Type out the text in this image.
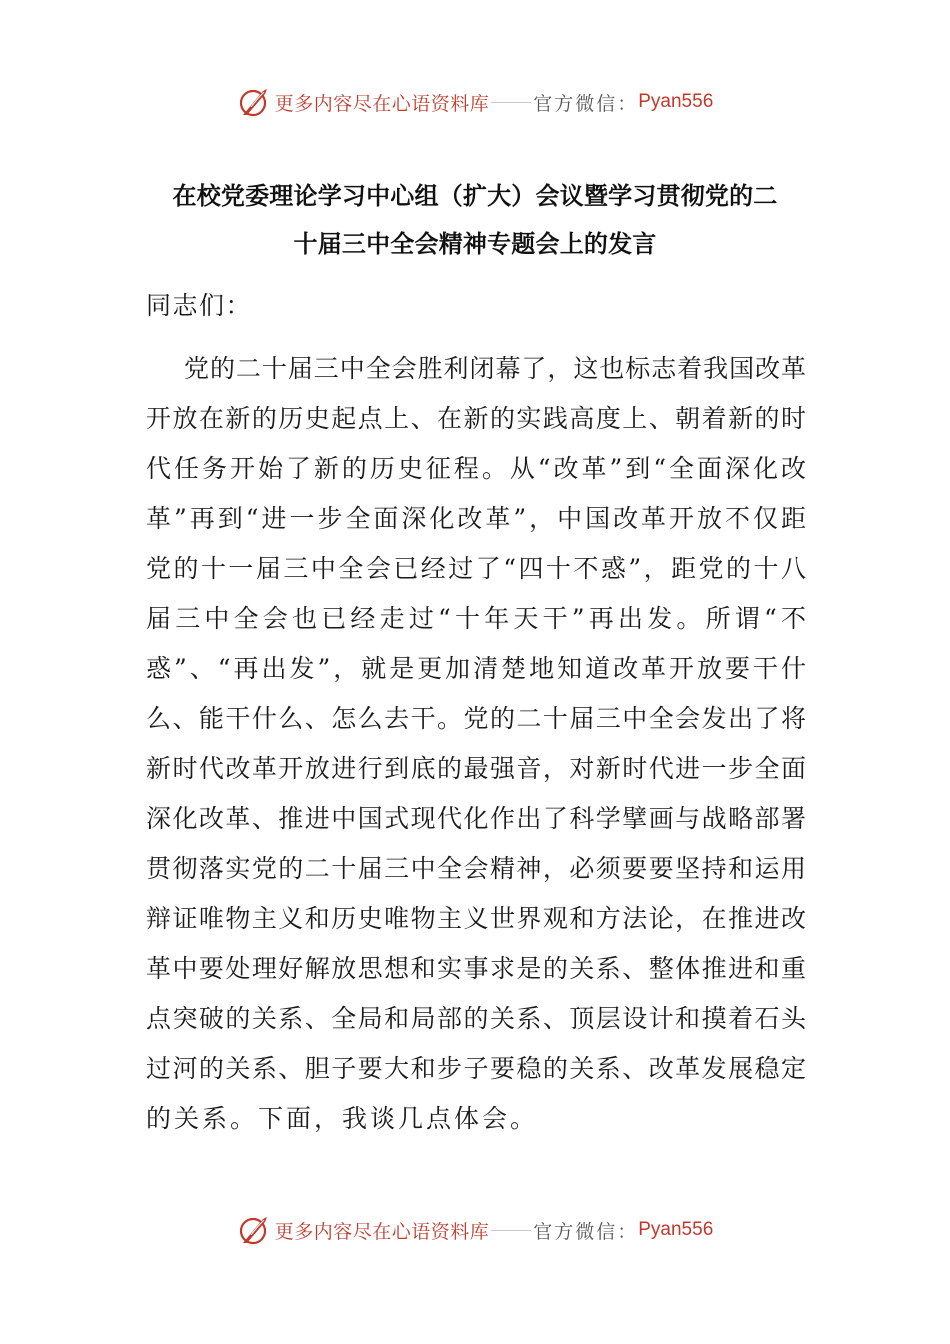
更多内容尽在心语资料库 官方微信： Pyan556
在校党委理论学习中心组（扩大）会议暨学习贯彻党的二
十届三中全会精神专题会上的发言
同志们：
党的二十届三中全会胜利闭幕了，这也标志着我国改革
开放在新的历史起点上、在新的实践高度上、朝着新的时
代任务开始了新的历史征程。从“改革”到“全面深化改
革”再到“进一步全面深化改革”，中国改革开放不仅距
党的十一届三中全会已经过了“四十不惑”，距党的十八
届三中全会也已经走过“十年天干”再出发。所谓“不
惑”、“再出发”，就是更加清楚地知道改革开放要干什
么、能干什么、怎么去干。党的二十届三中全会发出了将
新时代改革开放进行到底的最强音，对新时代进一步全面
深化改革、推进中国式现代化作出了科学擘画与战略部署
贯彻落实党的二十届三中全会精神，必须要要坚持和运用
辩证唯物主义和历史唯物主义世界观和方法论，在推进改
革中要处理好解放思想和实事求是的关系、整体推进和重
点突破的关系、全局和局部的关系、顶层设计和摸着石头
过河的关系、胆子要大和步子要稳的关系、改革发展稳定
的关系。下面，我谈几点体会。
更多内容尽在心语资料库 官方微信： Pyan556
